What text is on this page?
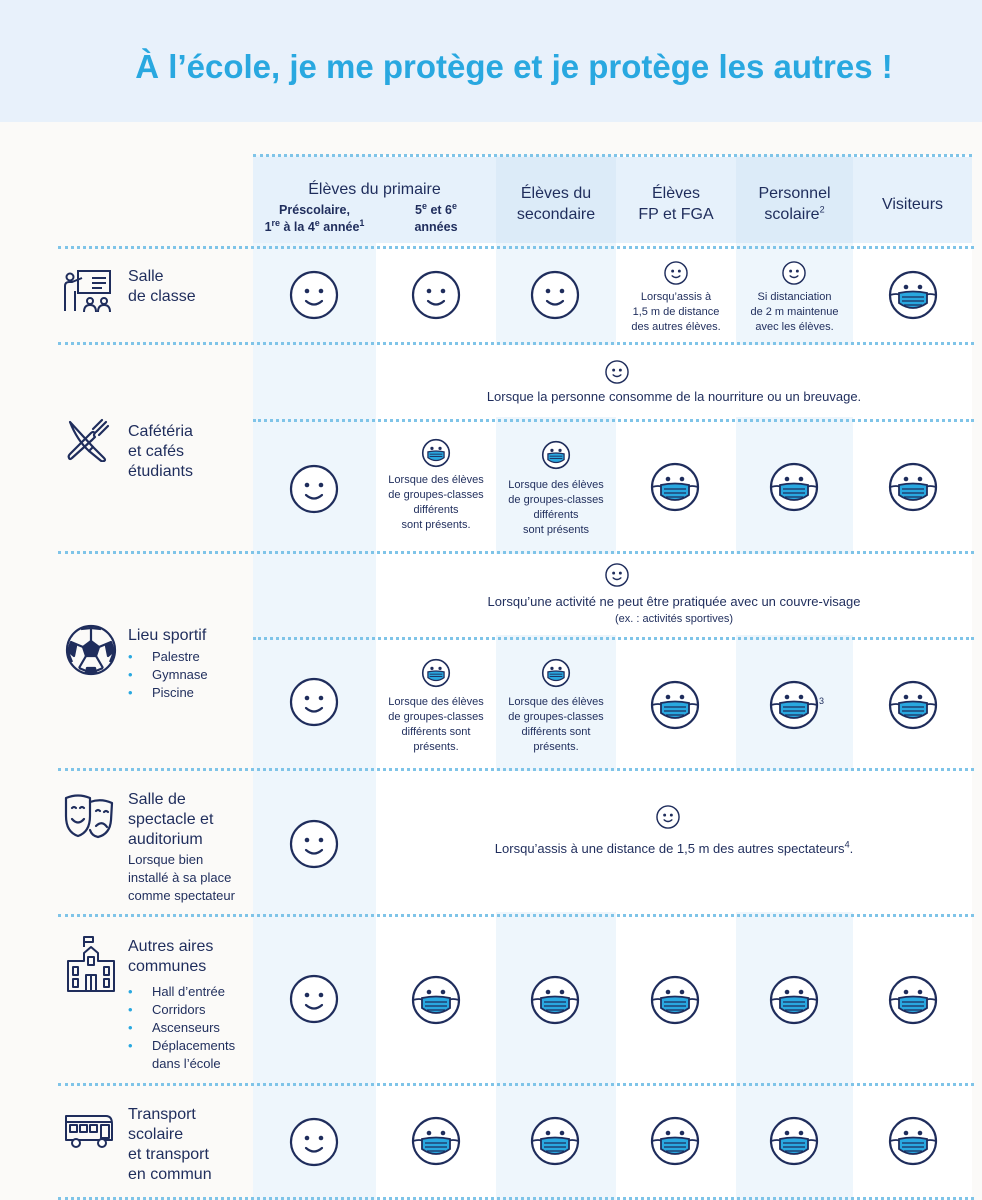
À l’école, je me protège et je protège les autres !
Élèves du primaire
Préscolaire,
1re à la 4e année$^1$
5e et 6e
années
Élèves du
secondaire
Élèves
FP et FGA
Personnel
scolaire$^2$	Visiteurs
Salle
de classe	Lorsqu’assis à
1,5 m de distance
des autres élèves.
Si distanciation
de 2 m maintenue
avec les élèves.
Cafétéria
et cafés
étudiants
Lorsque la personne consomme de la nourriture ou un breuvage.
Lorsque des élèves
de groupes-classes
différents
sont présents.
Lorsque des élèves
de groupes-classes
différents
sont présents
Lieu sportif
• Palestre
• Gymnase
• Piscine
Lorsqu’une activité ne peut être pratiquée avec un couvre-visage
(ex. : activités sportives)
Lorsque des élèves
de groupes-classes
différents sont
présents.
Lorsque des élèves
de groupes-classes
différents sont
présents.
3
Salle de
spectacle et
auditorium
Lorsque bien
installé à sa place
comme spectateur
Lorsqu’assis à une distance de 1,5 m des autres spectateurs$^4$.
Autres aires
communes
• Hall d’entrée
• Corridors
• Ascenseurs
• Déplacements
dans l’école
Transport
scolaire
et transport
en commun
